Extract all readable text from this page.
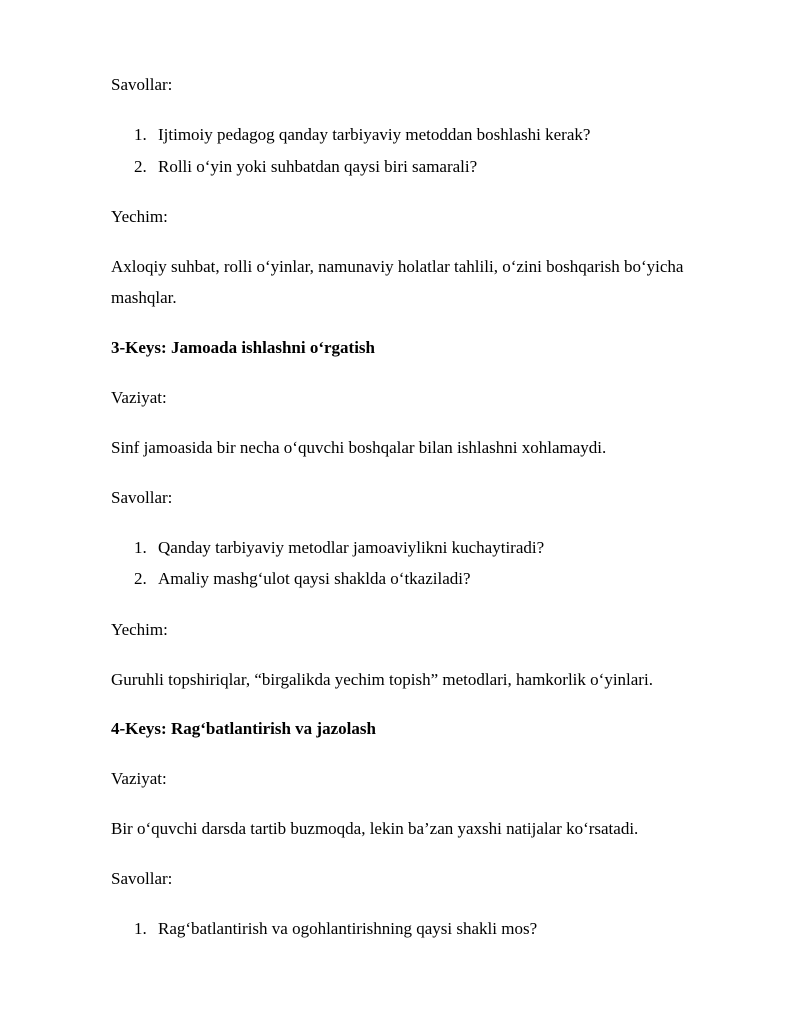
Savollar:
1. Ijtimoiy pedagog qanday tarbiyaviy metoddan boshlashi kerak?
2. Rolli o‘yin yoki suhbatdan qaysi biri samarali?
Yechim:
Axloqiy suhbat, rolli o‘yinlar, namunaviy holatlar tahlili, o‘zini boshqarish bo‘yicha
mashqlar.
3-Keys: Jamoada ishlashni o‘rgatish
Vaziyat:
Sinf jamoasida bir necha o‘quvchi boshqalar bilan ishlashni xohlamaydi.
Savollar:
1. Qanday tarbiyaviy metodlar jamoaviylikni kuchaytiradi?
2. Amaliy mashg‘ulot qaysi shaklda o‘tkaziladi?
Yechim:
Guruhli topshiriqlar, “birgalikda yechim topish” metodlari, hamkorlik o‘yinlari.
4-Keys: Rag‘batlantirish va jazolash
Vaziyat:
Bir o‘quvchi darsda tartib buzmoqda, lekin ba’zan yaxshi natijalar ko‘rsatadi.
Savollar:
1. Rag‘batlantirish va ogohlantirishning qaysi shakli mos?
